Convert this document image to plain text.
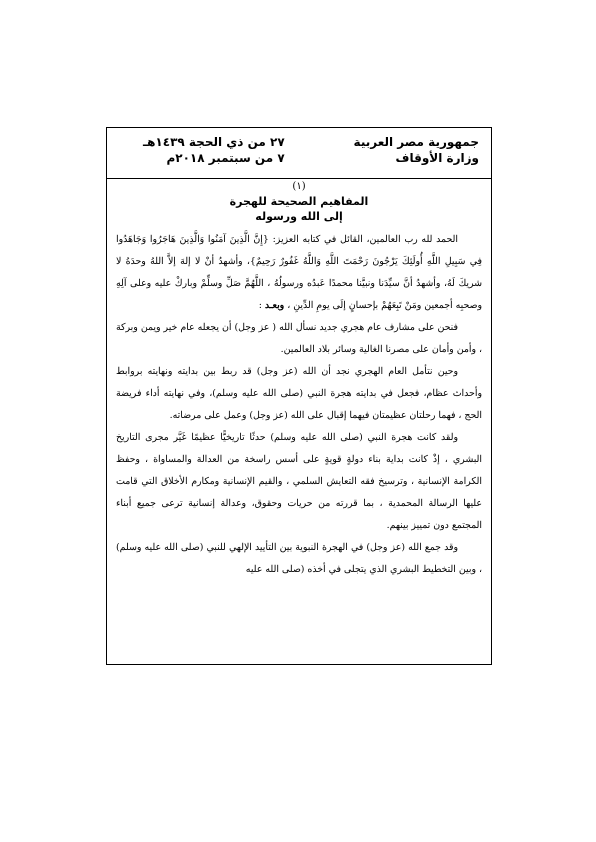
جمهورية مصر العربية
وزارة الأوقاف
٢٧ من ذي الحجة ١٤٣٩هـ
٧ من سبتمبر ٢٠١٨م
(١)
المفاهيم الصحيحة للهجرة
إلى الله ورسوله

الحمد لله رب العالمين، القائل في كتابه العزيز: {إِنَّ الَّذِينَ آمَنُوا وَالَّذِينَ هَاجَرُوا وَجَاهَدُوا فِي سَبِيلِ اللَّهِ أُولَئِكَ يَرْجُونَ رَحْمَتَ اللَّهِ وَاللَّهُ غَفُورٌ رَحِيمٌ}، وأشهدُ أنْ لا إلهَ إلاَّ اللهُ وحدَهُ لا شريكَ لَهُ، وأشهدُ أنَّ سيِّدَنا ونبيَّنا محمدًا عَبدُه ورسولُهُ ، اللَّهُمَّ صَلِّ وسلِّمْ وباركْ عليه وعلى آلِهِ وصحبِه أجمعين ومَنْ تَبِعَهُمْ بإحسانٍ إلَى يومِ الدِّينِ ، وبعـد :

فنحن على مشارف عام هجري جديد نسأل الله ( عز وجل) أن يجعله عام خير ويمن وبركة ، وأمن وأمان على مصرنا الغالية وسائر بلاد العالمين.

وحين نتأمل العام الهجري نجد أن الله (عز وجل) قد ربط بين بدايته ونهايته بروابط وأحداث عظام، فجعل في بدايته هجرة النبي (صلى الله عليه وسلم)، وفي نهايته أداء فريضة الحج ، فهما رحلتان عظيمتان فيهما إقبال على الله (عز وجل) وعمل على مرضاته.

ولقد كانت هجرة النبي (صلى الله عليه وسلم) حدثًا تاريخيًّا عظيمًا غَيَّر مجرى التاريخ البشري ، إذْ كانت بداية بناء دولةٍ قويةٍ على أسس راسخة من العدالة والمساواة ، وحفظ الكرامة الإنسانية ، وترسيخ فقه التعايش السلمي ، والقيم الإنسانية ومكارم الأخلاق التي قامت عليها الرسالة المحمدية ، بما قررته من حريات وحقوق، وعدالة إنسانية ترعى جميع أبناء المجتمع دون تمييز بينهم.

وقد جمع الله (عز وجل) في الهجرة النبوية بين التأييد الإلهي للنبي (صلى الله عليه وسلم) ، وبين التخطيط البشري الذي يتجلى في أخذه (صلى الله عليه
